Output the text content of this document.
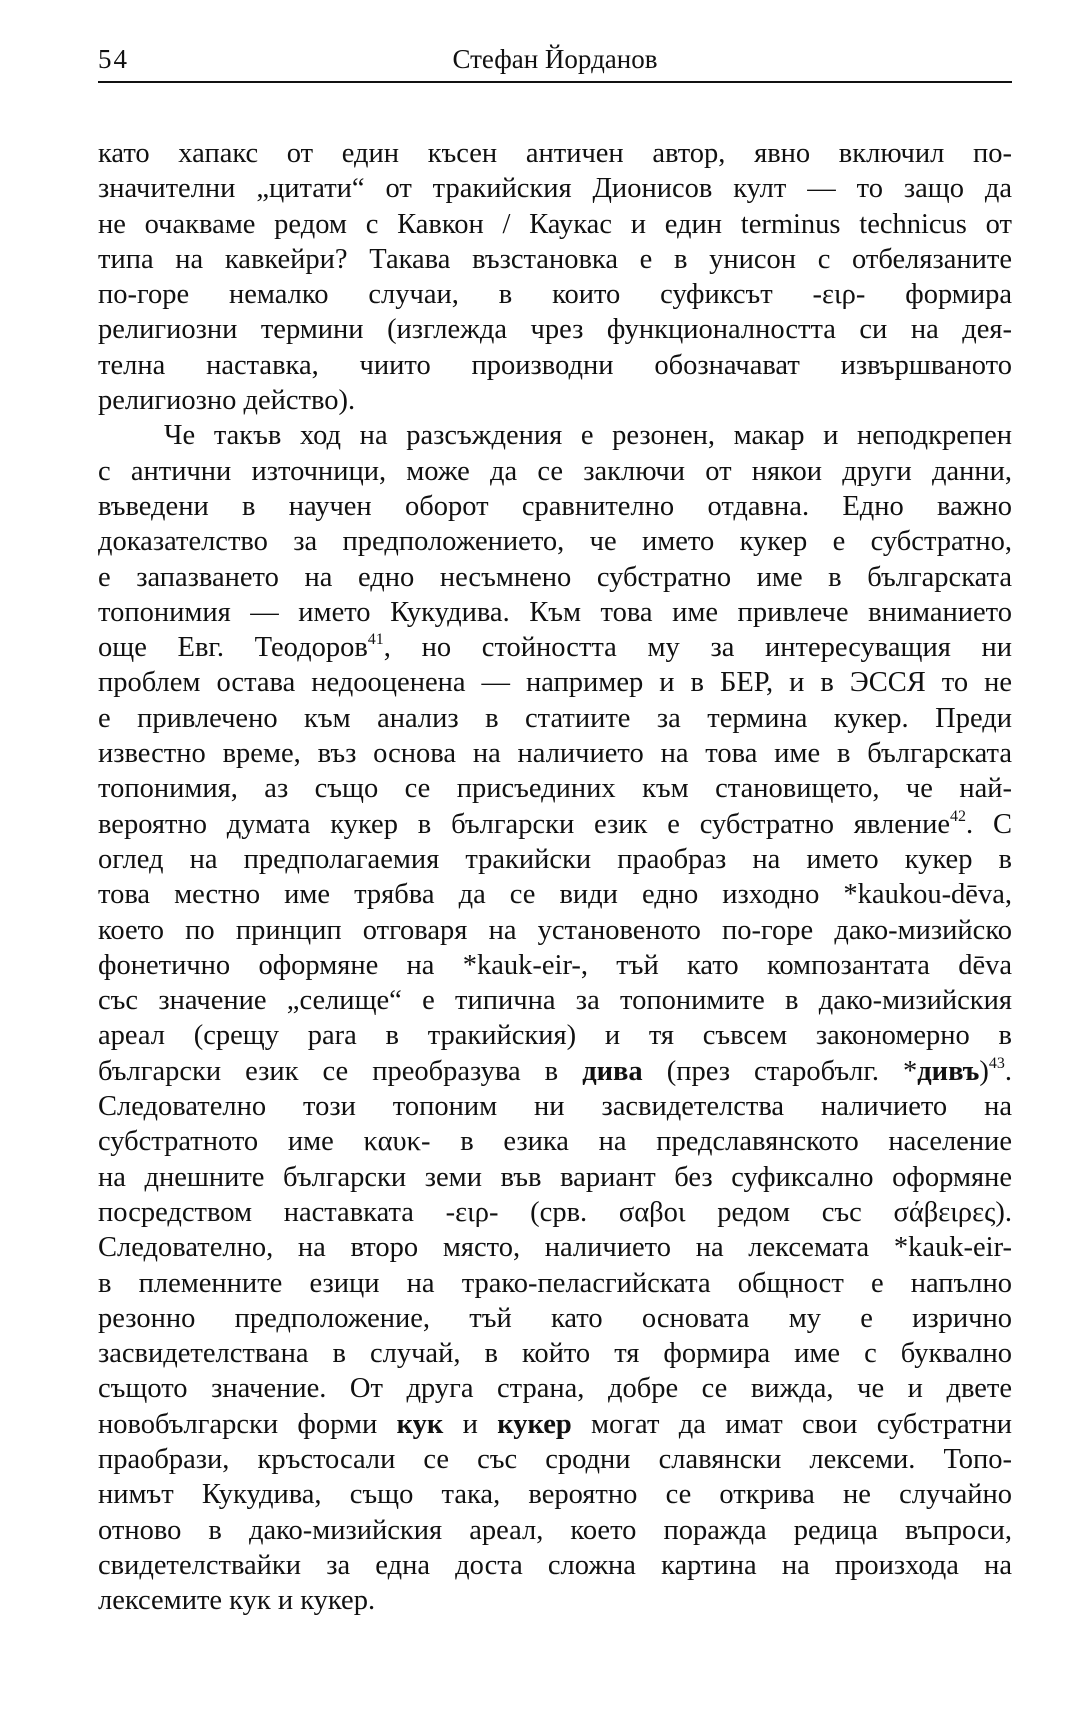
54	Стефан Йорданов
като хапакс от един късен античен автор, явно включил по-
значителни „цитати“ от тракийския Дионисов култ — то защо да
не очакваме редом с Кавкон / Каукас и един terminus technicus от
типа на кавкейри? Такава възстановка е в унисон с отбелязаните
по-горе немалко случаи, в които суфиксът -ειρ- формира
религиозни термини (изглежда чрез функционалността си на дея-
телна наставка, чиито производни обозначават извършваното
религиозно действо).
Че такъв ход на разсъждения е резонен, макар и неподкрепен
с антични източници, може да се заключи от някои други данни,
въведени в научен оборот сравнително отдавна. Едно важно
доказателство за предположението, че името кукер е субстратно,
е запазването на едно несъмнено субстратно име в българската
топонимия — името Кукудива. Към това име привлече вниманието
още Евг. Теодоров$^{41}$, но стойността му за интересуващия ни
проблем остава недооценена — например и в БЕР, и в ЭССЯ то не
е привлечено към анализ в статиите за термина кукер. Преди
известно време, въз основа на наличието на това име в българската
топонимия, аз също се присъединих към становището, че най-
вероятно думата кукер в български език е субстратно явление$^{42}$. С
оглед на предполагаемия тракийски праобраз на името кукер в
това местно име трябва да се види едно изходно *kaukou-dēva,
което по принцип отговаря на установеното по-горе дако-мизийско
фонетично оформяне на *kauk-eir-, тъй като композантата dēva
със значение „селище“ е типична за топонимите в дако-мизийския
ареал (срещу para в тракийския) и тя съвсем закономерно в
български език се преобразува в дива (през старобълг. *дивъ)$^{43}$.
Следователно този топоним ни засвидетелства наличието на
субстратното име καυκ- в езика на предславянското население
на днешните български земи във вариант без суфиксално оформяне
посредством наставката -ειρ- (срв. σαβοι редом със σάβειρες).
Следователно, на второ място, наличието на лексемата *kauk-eir-
в племенните езици на трако-пеласгийската общност е напълно
резонно предположение, тъй като основата му е изрично
засвидетелствана в случай, в който тя формира име с буквално
същото значение. От друга страна, добре се вижда, че и двете
новобългарски форми кук и кукер могат да имат свои субстратни
праобрази, кръстосали се със сродни славянски лексеми. Топо-
нимът Кукудива, също така, вероятно се открива не случайно
отново в дако-мизийския ареал, което поражда редица въпроси,
свидетелствайки за една доста сложна картина на произхода на
лексемите кук и кукер.
